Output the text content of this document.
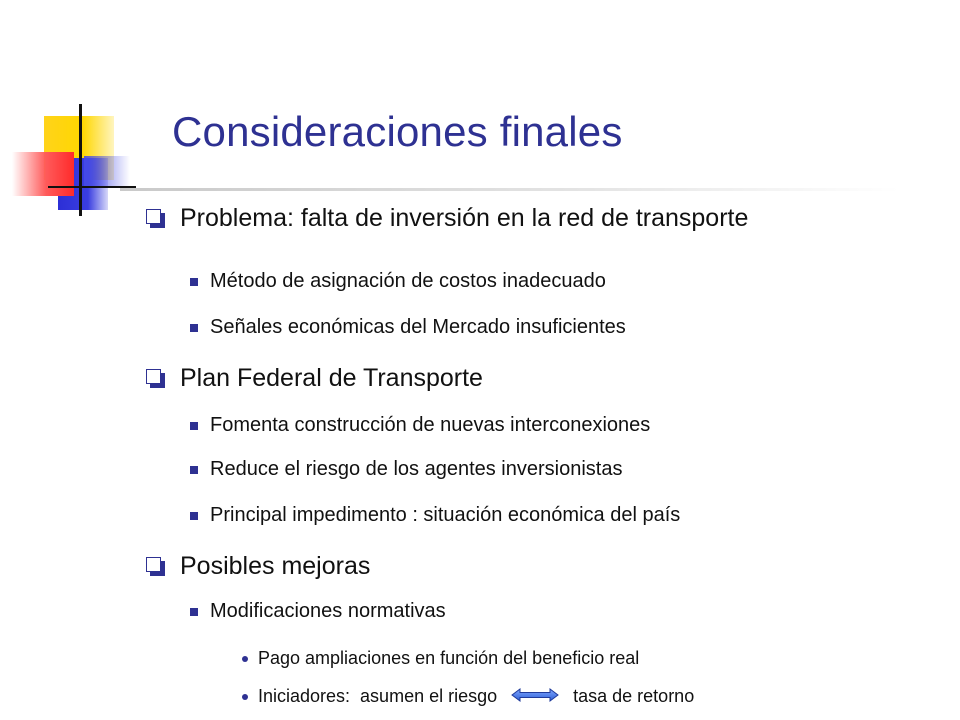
Consideraciones finales
Problema: falta de inversión en la red de transporte
Método de asignación de costos inadecuado
Señales económicas del Mercado insuficientes
Plan Federal de Transporte
Fomenta construcción de nuevas interconexiones
Reduce el riesgo de los agentes inversionistas
Principal impedimento : situación económica del país
Posibles mejoras
Modificaciones normativas
Pago ampliaciones en función del beneficio real
Iniciadores:  asumen el riesgo	tasa de retorno
